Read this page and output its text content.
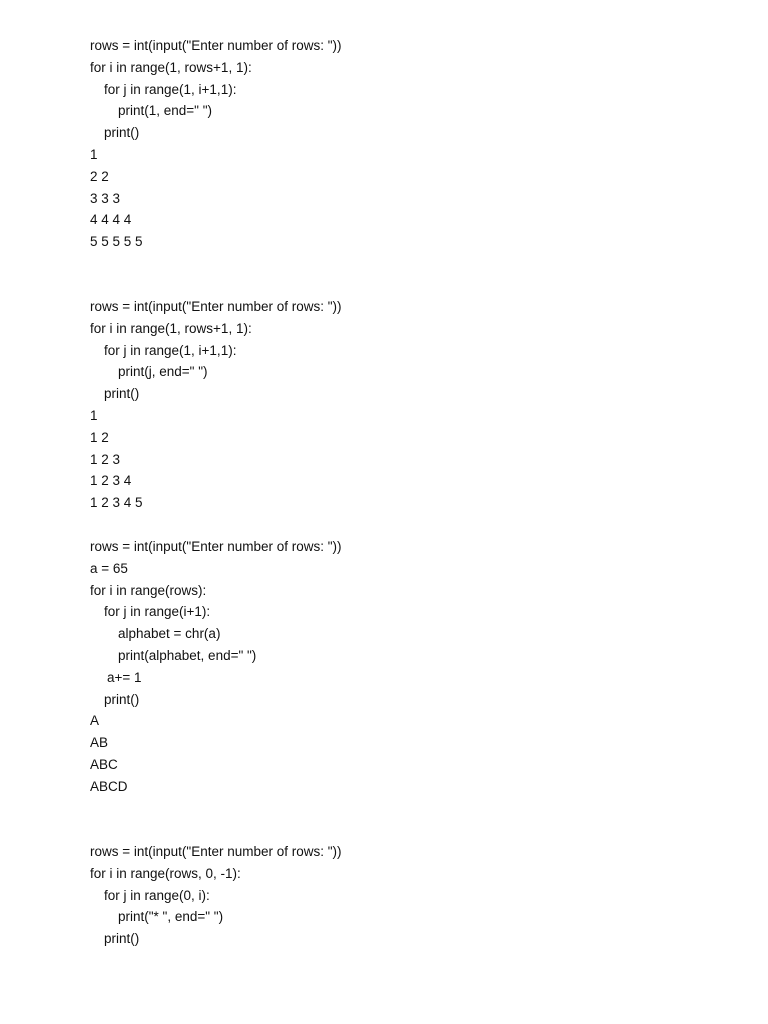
rows = int(input("Enter number of rows: "))
for i in range(1, rows+1, 1):
for j in range(1, i+1,1):
print(1, end=" ")
print()
1
2 2
3 3 3
4 4 4 4
5 5 5 5 5
rows = int(input("Enter number of rows: "))
for i in range(1, rows+1, 1):
for j in range(1, i+1,1):
print(j, end=" ")
print()
1
1 2
1 2 3
1 2 3 4
1 2 3 4 5
rows = int(input("Enter number of rows: "))
a = 65
for i in range(rows):
for j in range(i+1):
alphabet = chr(a)
print(alphabet, end=" ")
a+= 1
print()
A
AB
ABC
ABCD
rows = int(input("Enter number of rows: "))
for i in range(rows, 0, -1):
for j in range(0, i):
print("* ", end=" ")
print()
